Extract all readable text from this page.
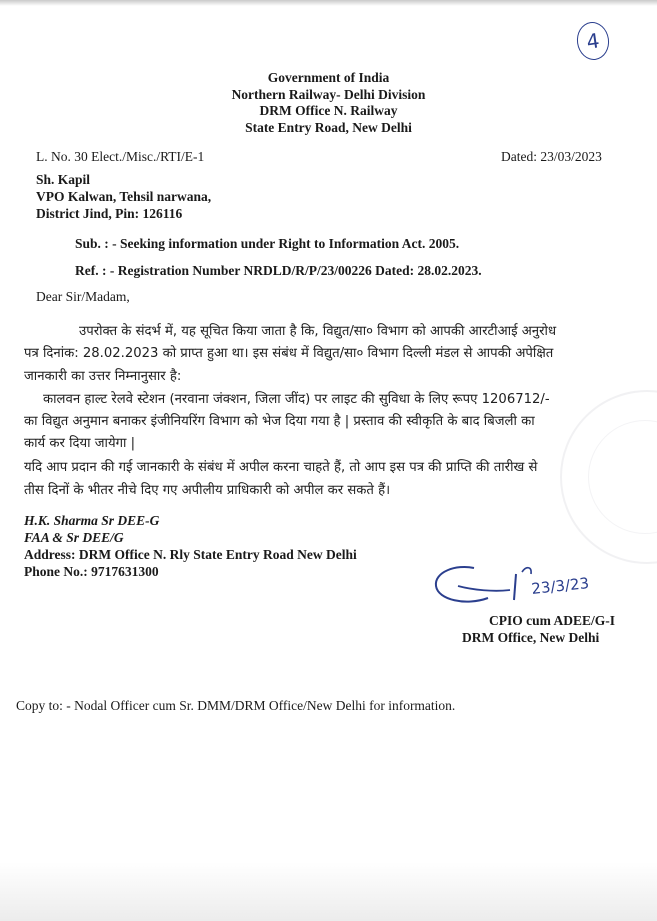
4
Government of India
Northern Railway- Delhi Division
DRM Office N. Railway
State Entry Road, New Delhi
L. No. 30 Elect./Misc./RTI/E-1	Dated: 23/03/2023
Sh. Kapil
VPO Kalwan, Tehsil narwana,
District Jind, Pin: 126116
Sub. : - Seeking information under Right to Information Act. 2005.
Ref. : - Registration Number NRDLD/R/P/23/00226 Dated: 28.02.2023.
Dear Sir/Madam,
उपरोक्त के संदर्भ में, यह सूचित किया जाता है कि, विद्युत/सा० विभाग को आपकी आरटीआई अनुरोध
पत्र दिनांक: 28.02.2023 को प्राप्त हुआ था। इस संबंध में विद्युत/सा० विभाग दिल्ली मंडल से आपकी अपेक्षित
जानकारी का उत्तर निम्नानुसार है:
कालवन हाल्ट रेलवे स्टेशन (नरवाना जंक्शन, जिला जींद) पर लाइट की सुविधा के लिए रूपए 1206712/-
का विद्युत अनुमान बनाकर इंजीनियरिंग विभाग को भेज दिया गया है | प्रस्ताव की स्वीकृति के बाद बिजली का
कार्य कर दिया जायेगा |
यदि आप प्रदान की गई जानकारी के संबंध में अपील करना चाहते हैं, तो आप इस पत्र की प्राप्ति की तारीख से
तीस दिनों के भीतर नीचे दिए गए अपीलीय प्राधिकारी को अपील कर सकते हैं।
H.K. Sharma Sr DEE-G
FAA & Sr DEE/G
Address: DRM Office N. Rly State Entry Road New Delhi
Phone No.: 9717631300
23/3/23
CPIO cum ADEE/G-I
DRM Office, New Delhi
Copy to: - Nodal Officer cum Sr. DMM/DRM Office/New Delhi for information.
